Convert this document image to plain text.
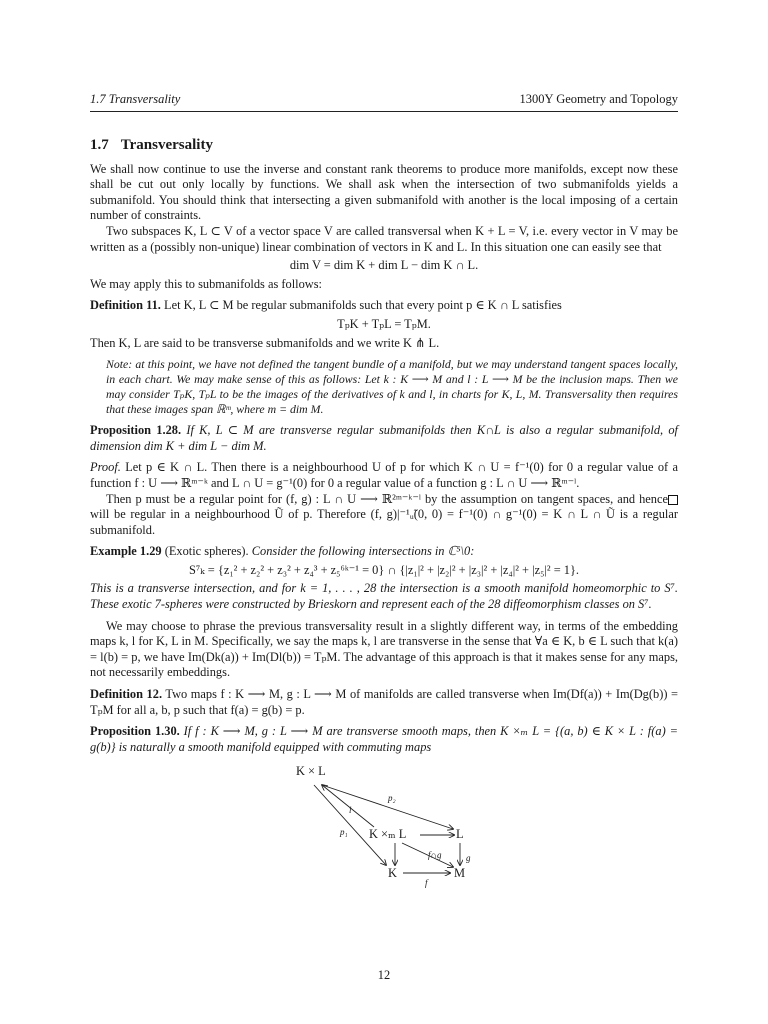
1.7 Transversality	1300Y Geometry and Topology
1.7 Transversality

We shall now continue to use the inverse and constant rank theorems to produce more manifolds, except now these shall be cut out only locally by functions. We shall ask when the intersection of two submanifolds yields a submanifold. You should think that intersecting a given submanifold with another is the local imposing of a certain number of constraints.

Two subspaces K, L ⊂ V of a vector space V are called transversal when K + L = V, i.e. every vector in V may be written as a (possibly non-unique) linear combination of vectors in K and L. In this situation one can easily see that

dim V = dim K + dim L − dim K ∩ L.

We may apply this to submanifolds as follows:

Definition 11. Let K, L ⊂ M be regular submanifolds such that every point p ∈ K ∩ L satisfies

TₚK + TₚL = TₚM.

Then K, L are said to be transverse submanifolds and we write K ⋔ L.

Note: at this point, we have not defined the tangent bundle of a manifold, but we may understand tangent spaces locally, in each chart. We may make sense of this as follows: Let k : K ⟶ M and l : L ⟶ M be the inclusion maps. Then we may consider TₚK, TₚL to be the images of the derivatives of k and l, in charts for K, L, M. Transversality then requires that these images span ℝᵐ, where m = dim M.

Proposition 1.28. If K, L ⊂ M are transverse regular submanifolds then K∩L is also a regular submanifold, of dimension dim K + dim L − dim M.

Proof. Let p ∈ K ∩ L. Then there is a neighbourhood U of p for which K ∩ U = f⁻¹(0) for 0 a regular value of a function f : U ⟶ ℝᵐ⁻ᵏ and L ∩ U = g⁻¹(0) for 0 a regular value of a function g : L ∩ U ⟶ ℝᵐ⁻ˡ.

Then p must be a regular point for (f, g) : L ∩ U ⟶ ℝ²ᵐ⁻ᵏ⁻ˡ by the assumption on tangent spaces, and hence will be regular in a neighbourhood Ũ of p. Therefore (f, g)|⁻¹ᵤ̃(0, 0) = f⁻¹(0) ∩ g⁻¹(0) = K ∩ L ∩ Ũ is a regular submanifold.

Example 1.29 (Exotic spheres). Consider the following intersections in ℂ⁵\0:

S⁷ₖ = {z₁² + z₂² + z₃² + z₄³ + z₅⁶ᵏ⁻¹ = 0} ∩ {|z₁|² + |z₂|² + |z₃|² + |z₄|² + |z₅|² = 1}.

This is a transverse intersection, and for k = 1, . . . , 28 the intersection is a smooth manifold homeomorphic to S⁷. These exotic 7-spheres were constructed by Brieskorn and represent each of the 28 diffeomorphism classes on S⁷.

We may choose to phrase the previous transversality result in a slightly different way, in terms of the embedding maps k, l for K, L in M. Specifically, we say the maps k, l are transverse in the sense that ∀a ∈ K, b ∈ L such that k(a) = l(b) = p, we have Im(Dk(a)) + Im(Dl(b)) = TₚM. The advantage of this approach is that it makes sense for any maps, not necessarily embeddings.

Definition 12. Two maps f : K ⟶ M, g : L ⟶ M of manifolds are called transverse when Im(Df(a)) + Im(Dg(b)) = TₚM for all a, b, p such that f(a) = g(b) = p.

Proposition 1.30. If f : K ⟶ M, g : L ⟶ M are transverse smooth maps, then K ×ₘ L = {(a, b) ∈ K × L : f(a) = g(b)} is naturally a smooth manifold equipped with commuting maps

K × L
K ×ₘ L	L
K	M
p₂
i
p₁
f∩g	g
f
12
